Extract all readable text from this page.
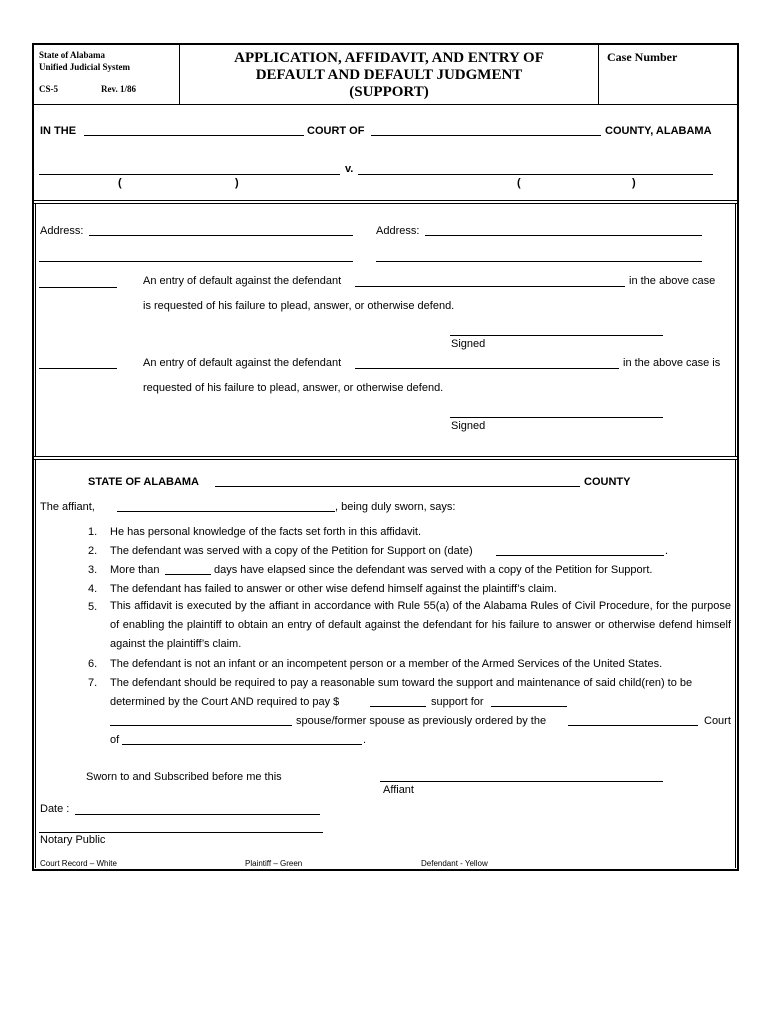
State of Alabama
Unified Judicial System
CS-5	Rev. 1/86
APPLICATION, AFFIDAVIT, AND ENTRY OF
DEFAULT AND DEFAULT JUDGMENT
(SUPPORT)
Case Number
IN THE	COURT OF	COUNTY, ALABAMA
v.
(	)	(	)
Address:	Address:
An entry of default against the defendant	in the above case
is requested of his failure to plead, answer, or otherwise defend.
Signed
An entry of default against the defendant	in the above case is
requested of his failure to plead, answer, or otherwise defend.
Signed
STATE OF ALABAMA	COUNTY
The affiant,	, being duly sworn, says:
1. He has personal knowledge of the facts set forth in this affidavit.
2. The defendant was served with a copy of the Petition for Support on (date)	.
3. More than	days have elapsed since the defendant was served with a copy of the Petition for Support.
4. The defendant has failed to answer or other wise defend himself against the plaintiff’s claim.
5. This affidavit is executed by the affiant in accordance with Rule 55(a) of the Alabama Rules of Civil Procedure, for the purpose of enabling the plaintiff to obtain an entry of default against the defendant for his failure to answer or otherwise defend himself against the plaintiff’s claim.
6. The defendant is not an infant or an incompetent person or a member of the Armed Services of the United States.
7. The defendant should be required to pay a reasonable sum toward the support and maintenance of said child(ren) to be
determined by the Court AND required to pay $	support for
spouse/former spouse as previously ordered by the	Court
of	.
Sworn to and Subscribed before me this
Affiant
Date :
Notary Public
Court Record – White	Plaintiff – Green	Defendant - Yellow
